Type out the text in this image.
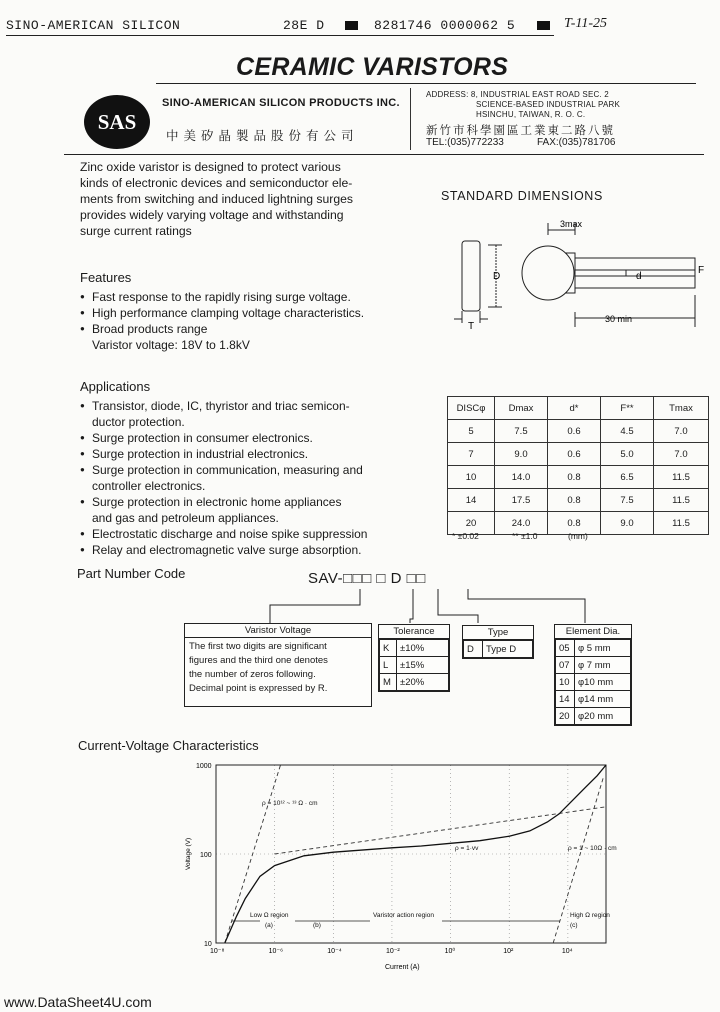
SINO-AMERICAN SILICON	28E D	8281746 0000062 5	T-11-25
CERAMIC VARISTORS
SAS
SINO-AMERICAN SILICON PRODUCTS INC.
中美矽晶製品股份有公司
ADDRESS: 8, INDUSTRIAL EAST ROAD SEC. 2
SCIENCE-BASED INDUSTRIAL PARK
HSINCHU, TAIWAN, R. O. C.
新竹市科學園區工業東二路八號
TEL:(035)772233	FAX:(035)781706
Zinc oxide varistor is designed to protect various
kinds of electronic devices and semiconductor ele-
ments from switching and induced lightning surges
provides widely varying voltage and withstanding
surge current ratings
Features
● Fast response to the rapidly rising surge voltage.
● High performance clamping voltage characteristics.
● Broad products range
Varistor voltage: 18V to 1.8kV
Applications
● Transistor, diode, IC, thyristor and triac semicon-
ductor protection.
● Surge protection in consumer electronics.
● Surge protection in industrial electronics.
● Surge protection in communication, measuring and
controller electronics.
● Surge protection in electronic home appliances
and gas and petroleum appliances.
● Electrostatic discharge and noise spike suppression
● Relay and electromagnetic valve surge absorption.
STANDARD DIMENSIONS
3max
D	d
F
T
30 min
DISCφ	Dmax	d*	F**	Tmax
5	7.5	0.6	4.5	7.0
7	9.0	0.6	5.0	7.0
10	14.0	0.8	6.5	11.5
14	17.5	0.8	7.5	11.5
20	24.0	0.8	9.0	11.5
* ±0.02	** ±1.0	(mm)
Part Number Code	SAV-□□□ □ D □□
Varistor Voltage
The first two digits are significant
figures and the third one denotes
the number of zeros following.
Decimal point is expressed by R.
Tolerance
K	±10%
L	±15%
M	±20%
Type
D	Type D
Element Dia.
05	φ 5 mm
07	φ 7 mm
10	φ10 mm
14	φ14 mm
20	φ20 mm
Current-Voltage Characteristics
10⁻⁸	10⁻⁶	10⁻⁴	10⁻²	10⁰	10²	10⁴
10
100
1000
Voltage (V)
Current (A)
ρ = 10¹² ~ ¹³ Ω · cm
ρ = 1·vv	ρ = 1 ~ 10Ω · cm
Low Ω region	Varistor action region	High Ω region
(a)	(b)	(c)
www.DataSheet4U.com
